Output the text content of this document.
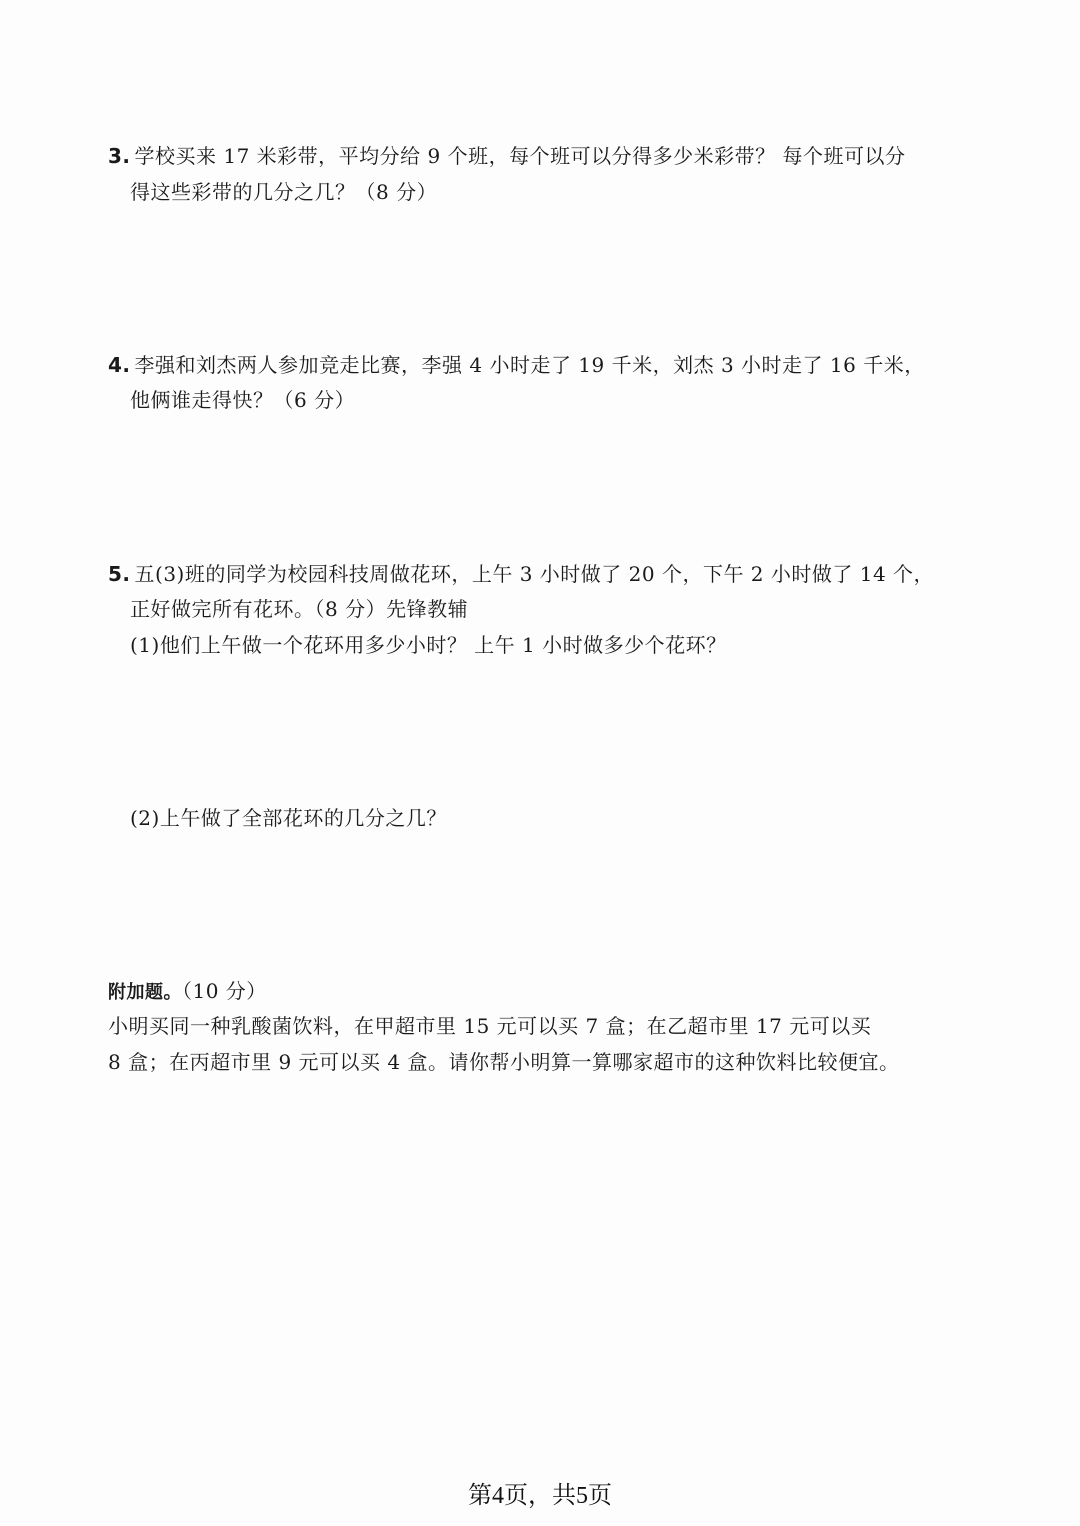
3. 学校买来 17 米彩带，平均分给 9 个班，每个班可以分得多少米彩带？ 每个班可以分
得这些彩带的几分之几？（8 分）
4. 李强和刘杰两人参加竞走比赛，李强 4 小时走了 19 千米，刘杰 3 小时走了 16 千米，
他俩谁走得快？（6 分）
5. 五(3)班的同学为校园科技周做花环，上午 3 小时做了 20 个，下午 2 小时做了 14 个，
正好做完所有花环。（8 分）先锋教辅
(1)他们上午做一个花环用多少小时？ 上午 1 小时做多少个花环？
(2)上午做了全部花环的几分之几？
附加题。（10 分）
小明买同一种乳酸菌饮料，在甲超市里 15 元可以买 7 盒；在乙超市里 17 元可以买
8 盒；在丙超市里 9 元可以买 4 盒。请你帮小明算一算哪家超市的这种饮料比较便宜。
第4页，共5页
